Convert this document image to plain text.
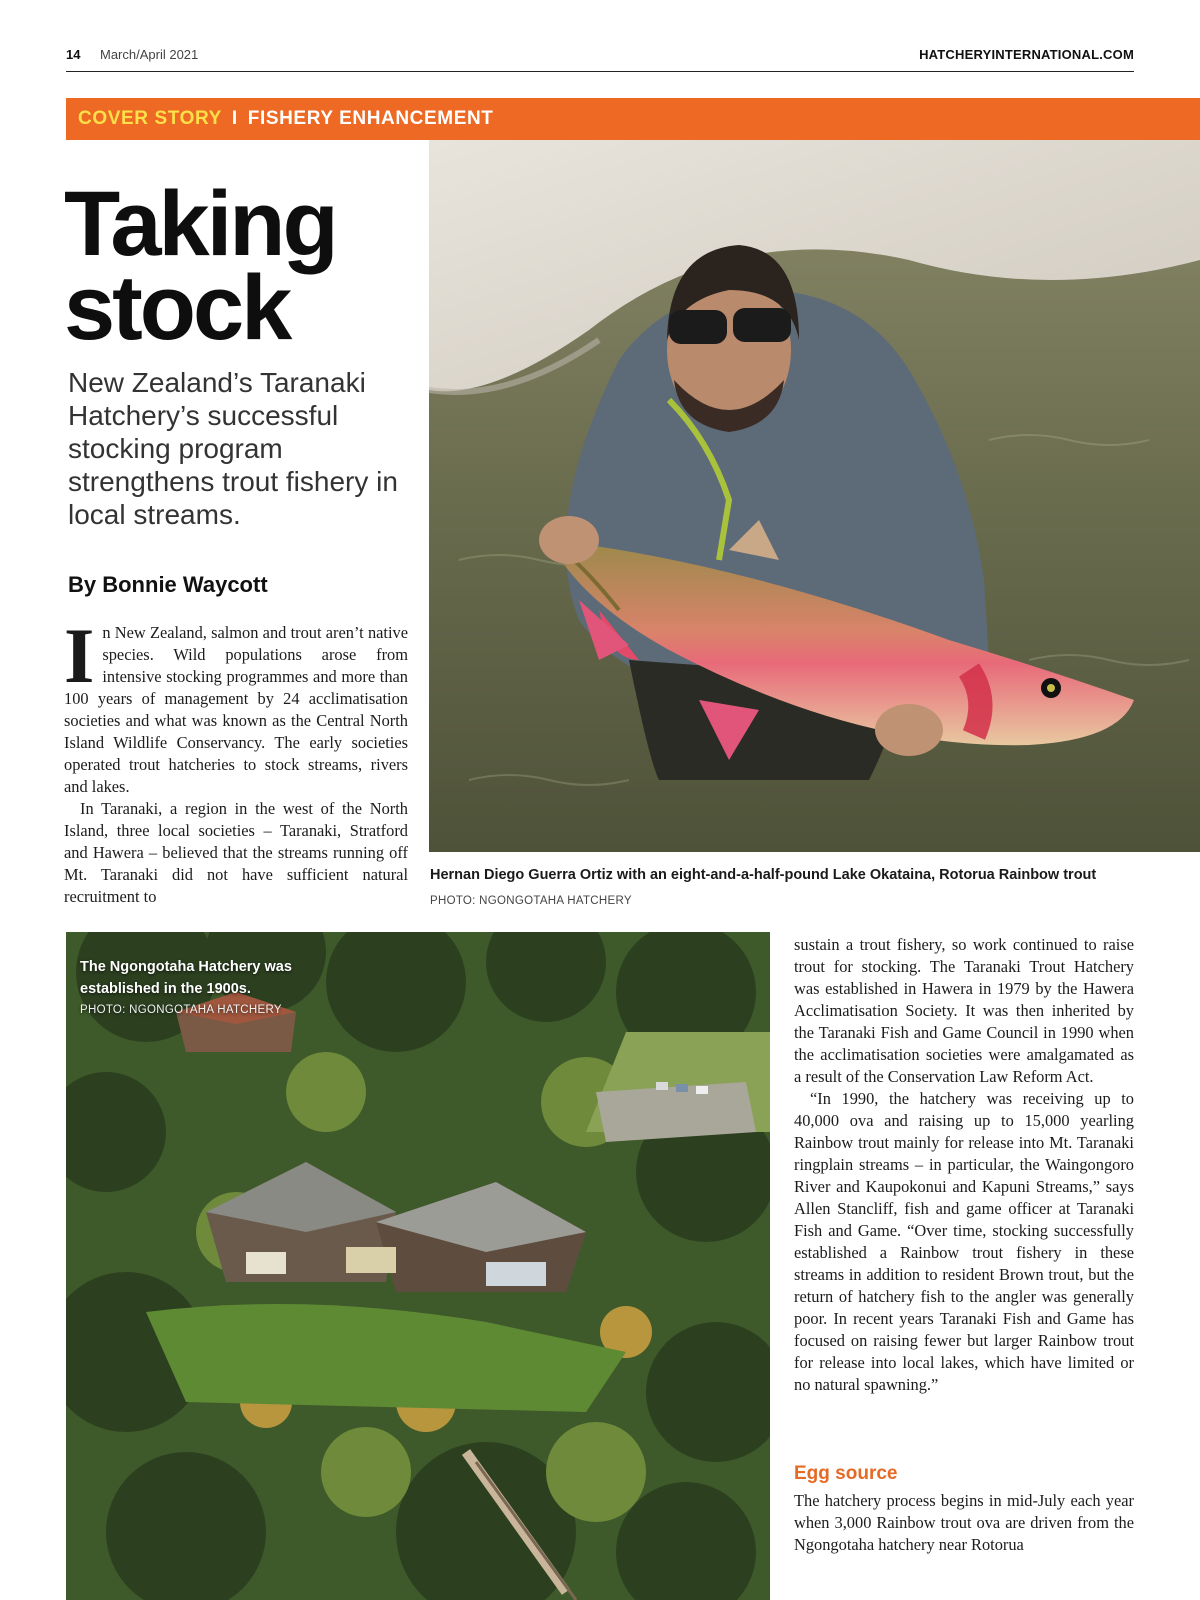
14 March/April 2021	HATCHERYINTERNATIONAL.COM
COVER STORY I FISHERY ENHANCEMENT
Taking
stock
New Zealand’s Taranaki Hatchery’s successful stocking program strengthens trout fishery in local streams.
By Bonnie Waycott

In New Zealand, salmon and trout aren’t native species. Wild populations arose from intensive stocking programmes and more than 100 years of management by 24 acclimatisation societies and what was known as the Central North Island Wildlife Conservancy. The early societies operated trout hatcheries to stock streams, rivers and lakes.

In Taranaki, a region in the west of the North Island, three local societies – Taranaki, Stratford and Hawera – believed that the streams running off Mt. Taranaki did not have sufficient natural recruitment to

Hernan Diego Guerra Ortiz with an eight-and-a-half-pound Lake Okataina, Rotorua Rainbow trout
PHOTO: NGONGOTAHA HATCHERY
The Ngongotaha Hatchery was established in the 1900s.
PHOTO: NGONGOTAHA HATCHERY

sustain a trout fishery, so work continued to raise trout for stocking. The Taranaki Trout Hatchery was established in Hawera in 1979 by the Hawera Acclimatisation Society. It was then inherited by the Taranaki Fish and Game Council in 1990 when the acclimatisation societies were amalgamated as a result of the Conservation Law Reform Act.

“In 1990, the hatchery was receiving up to 40,000 ova and raising up to 15,000 yearling Rainbow trout mainly for release into Mt. Taranaki ringplain streams – in particular, the Waingongoro River and Kaupokonui and Kapuni Streams,” says Allen Stancliff, fish and game officer at Taranaki Fish and Game. “Over time, stocking successfully established a Rainbow trout fishery in these streams in addition to resident Brown trout, but the return of hatchery fish to the angler was generally poor. In recent years Taranaki Fish and Game has focused on raising fewer but larger Rainbow trout for release into local lakes, which have limited or no natural spawning.”

Egg source

The hatchery process begins in mid-July each year when 3,000 Rainbow trout ova are driven from the Ngongotaha hatchery near Rotorua
